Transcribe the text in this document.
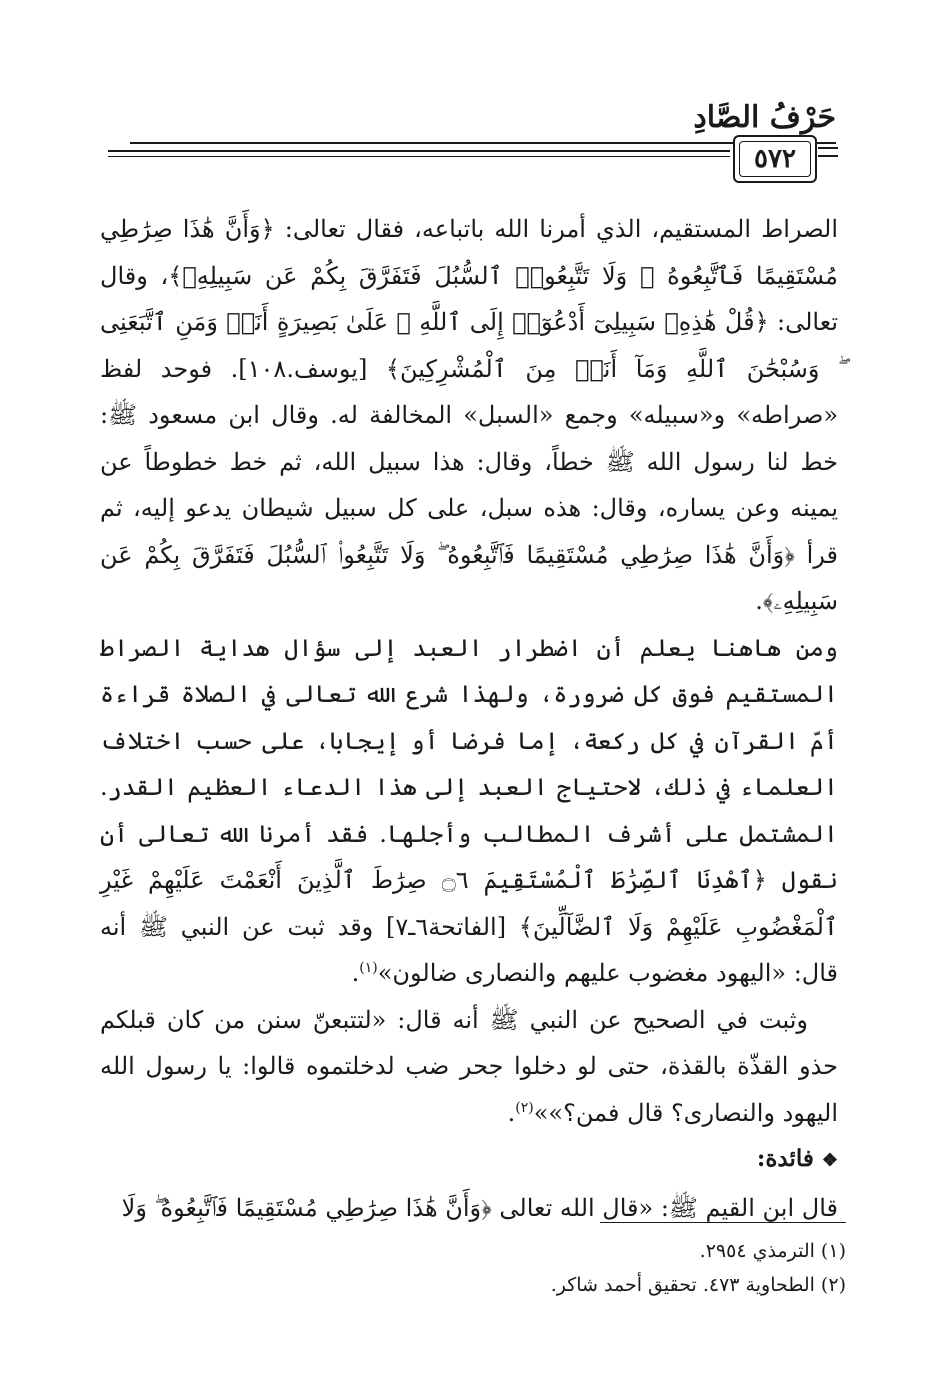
حَرْفُ الصَّادِ
٥٧٢

الصراط المستقيم، الذي أمرنا الله باتباعه، فقال تعالى: ﴿وَأَنَّ هَٰذَا صِرَٰطِي مُسْتَقِيمًا فَٱتَّبِعُوهُ ۖ وَلَا تَتَّبِعُوا۟ ٱلسُّبُلَ فَتَفَرَّقَ بِكُمْ عَن سَبِيلِهِۦ﴾، وقال تعالى: ﴿قُلْ هَٰذِهِۦ سَبِيلِىٓ أَدْعُوٓا۟ إِلَى ٱللَّهِ ۚ عَلَىٰ بَصِيرَةٍ أَنَا۠ وَمَنِ ٱتَّبَعَنِى ۖ وَسُبْحَٰنَ ٱللَّهِ وَمَآ أَنَا۠ مِنَ ٱلْمُشْرِكِينَ﴾ [يوسف.١٠٨]. فوحد لفظ «صراطه» و«سبيله» وجمع «السبل» المخالفة له. وقال ابن مسعود ﷺ: خط لنا رسول الله ﷺ خطاً، وقال: هذا سبيل الله، ثم خط خطوطاً عن يمينه وعن يساره، وقال: هذه سبل، على كل سبيل شيطان يدعو إليه، ثم قرأ ﴿وَأَنَّ هَٰذَا صِرَٰطِي مُسْتَقِيمًا فَٱتَّبِعُوهُ ۖ وَلَا تَتَّبِعُوا۟ ٱلسُّبُلَ فَتَفَرَّقَ بِكُمْ عَن سَبِيلِهِۦ﴾.

ومن هاهنا يعلم أن اضطرار العبد إلى سؤال هداية الصراط المستقيم فوق كل ضرورة، ولهذا شرع الله تعالى في الصلاة قراءة أمّ القرآن في كل ركعة، إما فرضا أو إيجابا، على حسب اختلاف العلماء في ذلك، لاحتياج العبد إلى هذا الدعاء العظيم القدر. المشتمل على أشرف المطالب وأجلها. فقد أمرنا الله تعالى أن نقول ﴿ٱهْدِنَا ٱلصِّرَٰطَ ٱلْمُسْتَقِيمَ ۝٦ صِرَٰطَ ٱلَّذِينَ أَنْعَمْتَ عَلَيْهِمْ غَيْرِ ٱلْمَغْضُوبِ عَلَيْهِمْ وَلَا ٱلضَّآلِّينَ﴾ [الفاتحة٦ـ٧] وقد ثبت عن النبي ﷺ أنه قال: «اليهود مغضوب عليهم والنصارى ضالون»$^{(١)}$.

وثبت في الصحيح عن النبي ﷺ أنه قال: «لتتبعنّ سنن من كان قبلكم حذو القذّة بالقذة، حتى لو دخلوا جحر ضب لدخلتموه قالوا: يا رسول الله اليهود والنصارى؟ قال فمن؟»»$^{(٢)}$.

❖فائدة:

قال ابن القيم ﷺ: «قال الله تعالى ﴿وَأَنَّ هَٰذَا صِرَٰطِي مُسْتَقِيمًا فَٱتَّبِعُوهُ ۖ وَلَا

(١) الترمذي ٢٩٥٤.

(٢) الطحاوية ٤٧٣. تحقيق أحمد شاكر.
